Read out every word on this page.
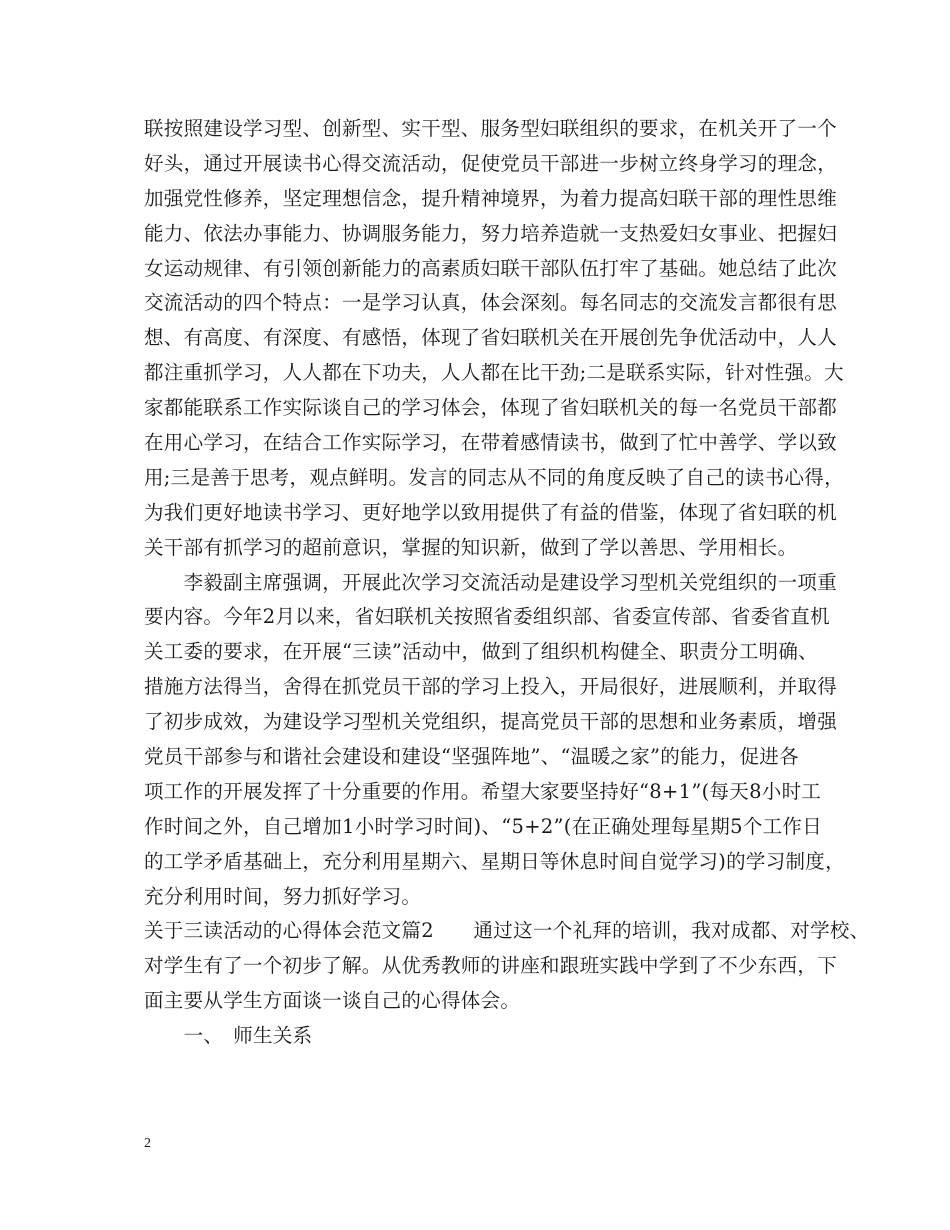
联按照建设学习型、创新型、实干型、服务型妇联组织的要求，在机关开了一个
好头，通过开展读书心得交流活动，促使党员干部进一步树立终身学习的理念，
加强党性修养，坚定理想信念，提升精神境界，为着力提高妇联干部的理性思维
能力、依法办事能力、协调服务能力，努力培养造就一支热爱妇女事业、把握妇
女运动规律、有引领创新能力的高素质妇联干部队伍打牢了基础。她总结了此次
交流活动的四个特点：一是学习认真，体会深刻。每名同志的交流发言都很有思
想、有高度、有深度、有感悟，体现了省妇联机关在开展创先争优活动中，人人
都注重抓学习，人人都在下功夫，人人都在比干劲;二是联系实际，针对性强。大
家都能联系工作实际谈自己的学习体会，体现了省妇联机关的每一名党员干部都
在用心学习，在结合工作实际学习，在带着感情读书，做到了忙中善学、学以致
用;三是善于思考，观点鲜明。发言的同志从不同的角度反映了自己的读书心得，
为我们更好地读书学习、更好地学以致用提供了有益的借鉴，体现了省妇联的机
关干部有抓学习的超前意识，掌握的知识新，做到了学以善思、学用相长。
　　李毅副主席强调，开展此次学习交流活动是建设学习型机关党组织的一项重
要内容。今年2月以来，省妇联机关按照省委组织部、省委宣传部、省委省直机
关工委的要求，在开展“三读”活动中，做到了组织机构健全、职责分工明确、
措施方法得当，舍得在抓党员干部的学习上投入，开局很好，进展顺利，并取得
了初步成效，为建设学习型机关党组织，提高党员干部的思想和业务素质，增强
党员干部参与和谐社会建设和建设“坚强阵地”、“温暖之家”的能力，促进各
项工作的开展发挥了十分重要的作用。希望大家要坚持好“8+1”(每天8小时工
作时间之外，自己增加1小时学习时间)、“5+2”(在正确处理每星期5个工作日
的工学矛盾基础上，充分利用星期六、星期日等休息时间自觉学习)的学习制度，
充分利用时间，努力抓好学习。
关于三读活动的心得体会范文篇2　　通过这一个礼拜的培训，我对成都、对学校、
对学生有了一个初步了解。从优秀教师的讲座和跟班实践中学到了不少东西，下
面主要从学生方面谈一谈自己的心得体会。
　　一、　师生关系
2
